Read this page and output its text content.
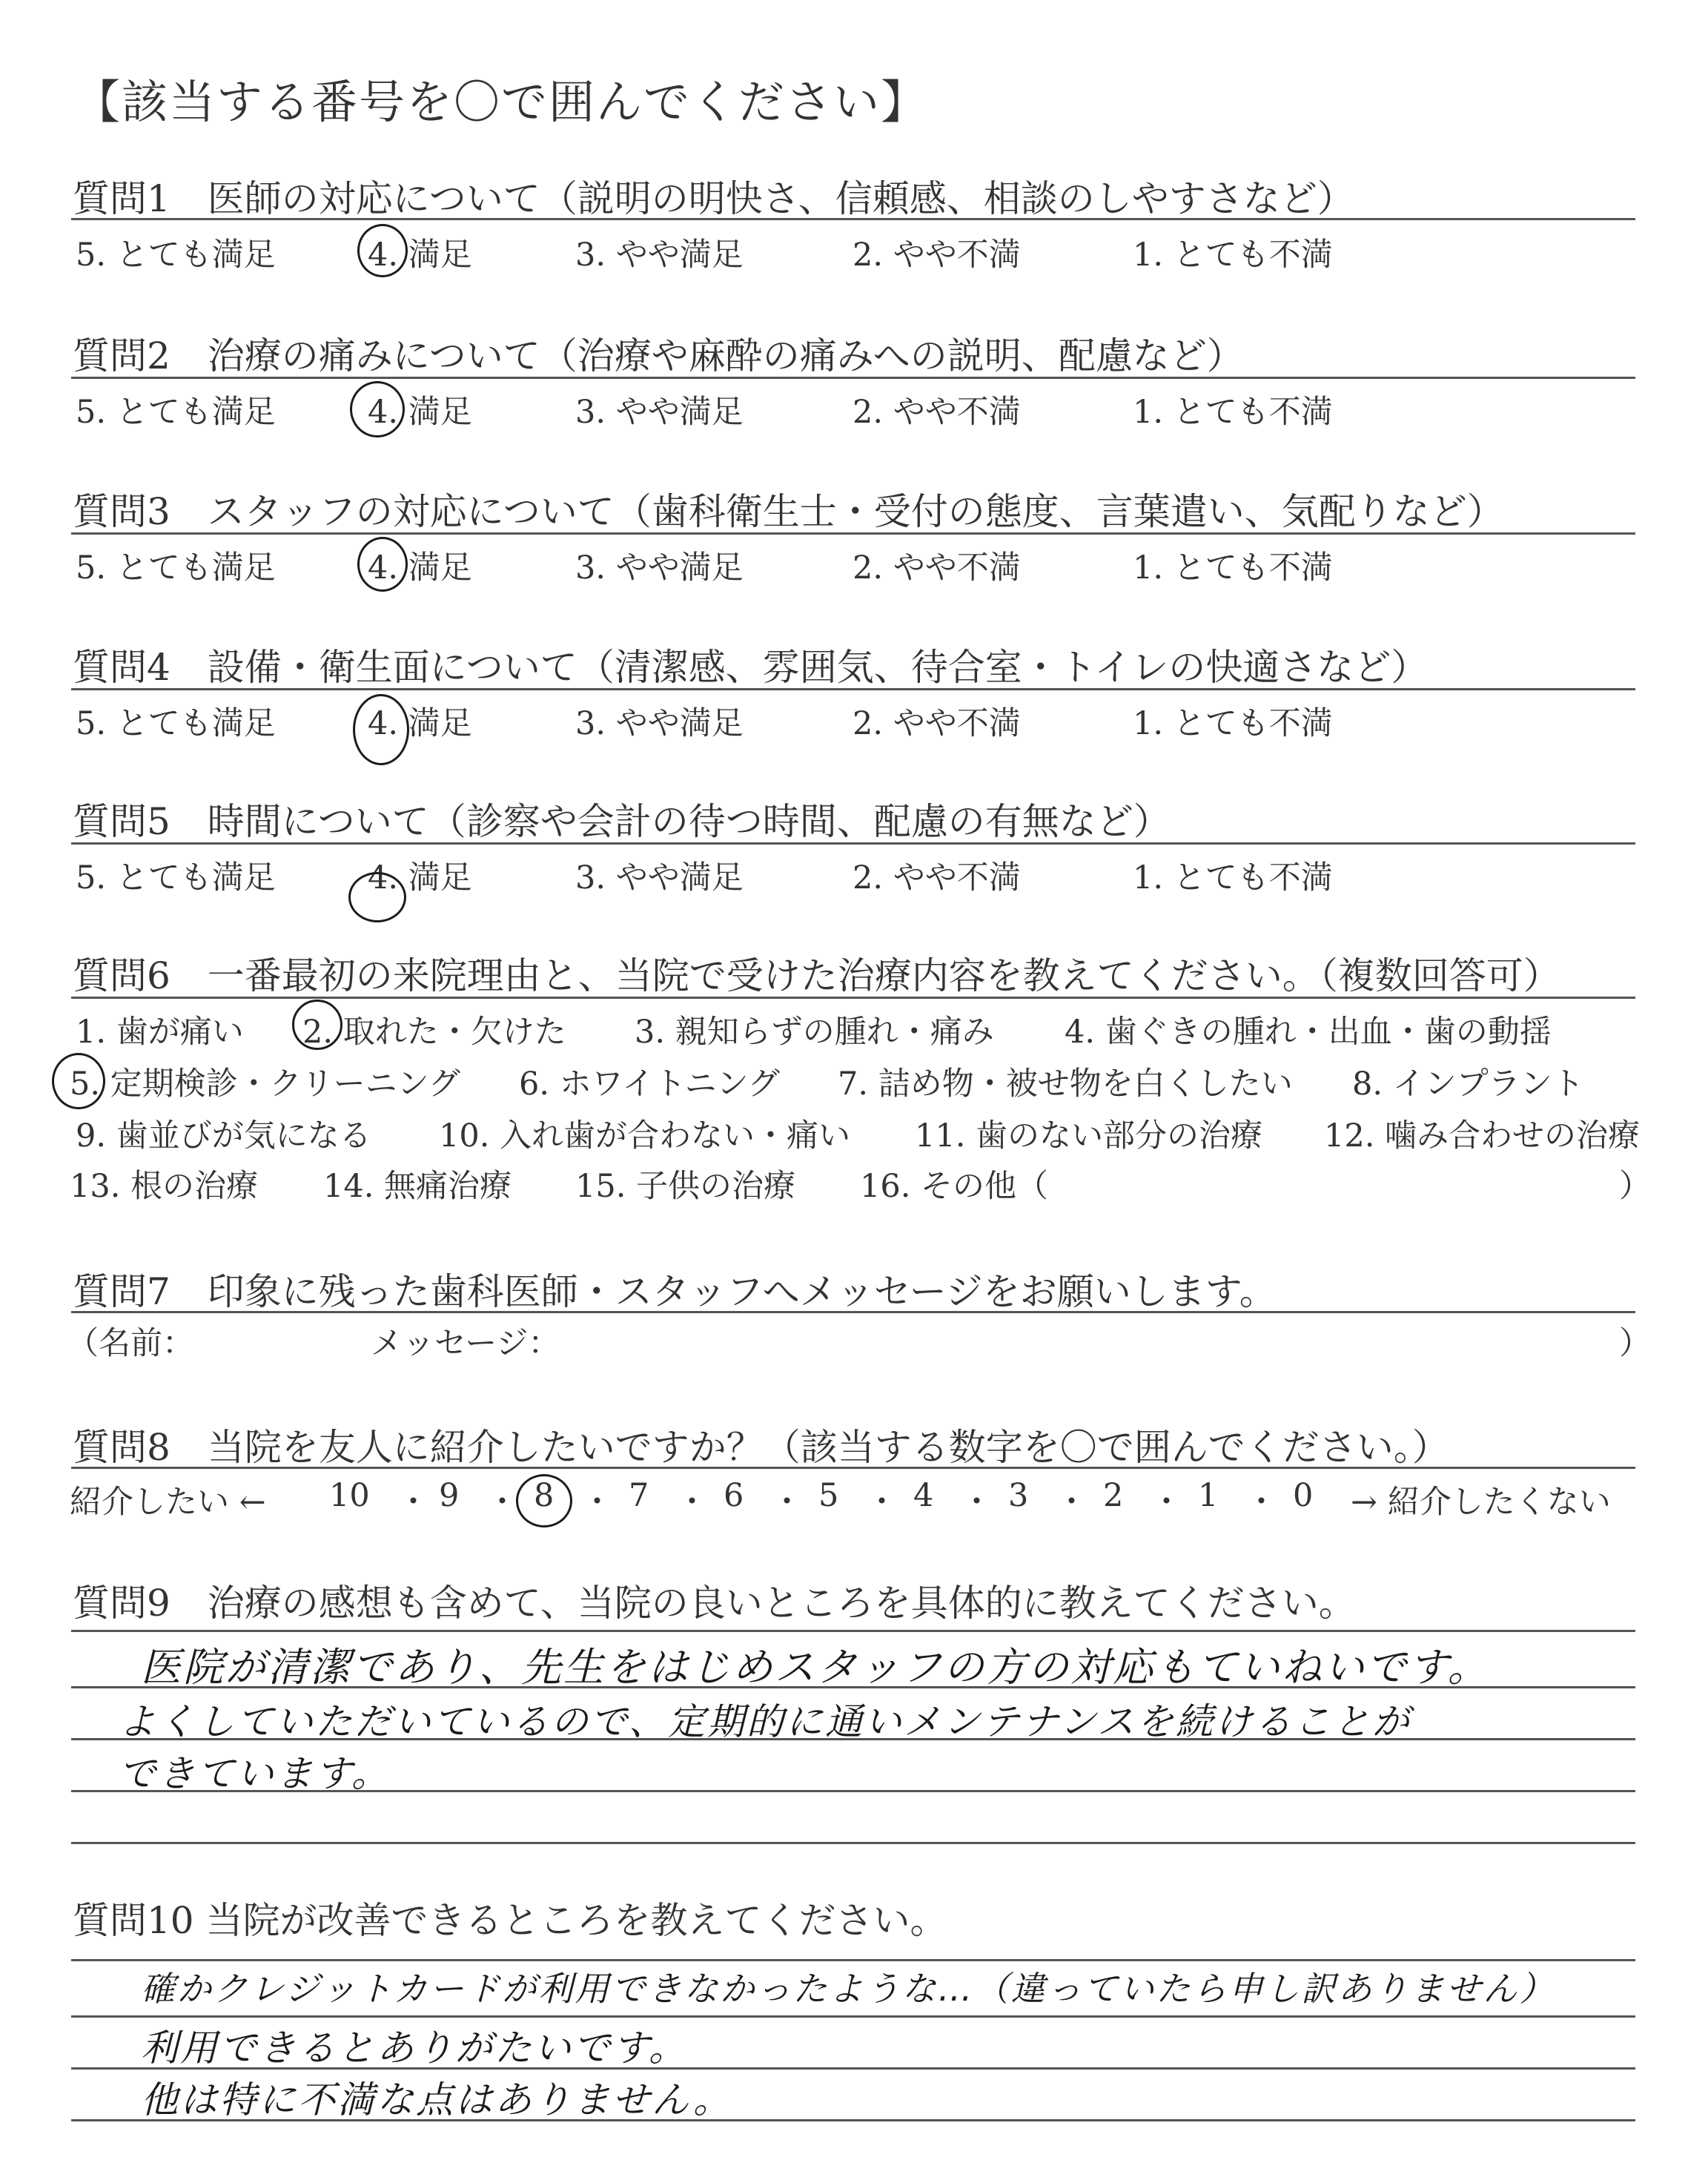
【該当する番号を〇で囲んでください】
質問1　医師の対応について（説明の明快さ、信頼感、相談のしやすさなど）
5. とても満足	4. 満足	3. やや満足	2. やや不満	1. とても不満
質問2　治療の痛みについて（治療や麻酔の痛みへの説明、配慮など）
5. とても満足	4. 満足	3. やや満足	2. やや不満	1. とても不満
質問3　スタッフの対応について（歯科衛生士・受付の態度、言葉遣い、気配りなど）
5. とても満足	4. 満足	3. やや満足	2. やや不満	1. とても不満
質問4　設備・衛生面について（清潔感、雰囲気、待合室・トイレの快適さなど）
5. とても満足	4. 満足	3. やや満足	2. やや不満	1. とても不満
質問5　時間について（診察や会計の待つ時間、配慮の有無など）
5. とても満足	4. 満足	3. やや満足	2. やや不満	1. とても不満
質問6　一番最初の来院理由と、当院で受けた治療内容を教えてください。（複数回答可）
1. 歯が痛い 2. 取れた・欠けた 3. 親知らずの腫れ・痛み 4. 歯ぐきの腫れ・出血・歯の動揺
5. 定期検診・クリーニング 6. ホワイトニング 7. 詰め物・被せ物を白くしたい 8. インプラント
9. 歯並びが気になる 10. 入れ歯が合わない・痛い 11. 歯のない部分の治療 12. 噛み合わせの治療
13. 根の治療 14. 無痛治療 15. 子供の治療 16. その他（	）
質問7　印象に残った歯科医師・スタッフへメッセージをお願いします。
（名前：	メッセージ：	）
質問8　当院を友人に紹介したいですか？（該当する数字を〇で囲んでください。）
紹介したい ← 10 ・ 9 ・ 8 ・ 7 ・ 6 ・ 5 ・ 4 ・ 3 ・ 2 ・ 1 ・ 0 → 紹介したくない
質問9　治療の感想も含めて、当院の良いところを具体的に教えてください。
医院が清潔であり、先生をはじめスタッフの方の対応もていねいです。
よくしていただいているので、定期的に通いメンテナンスを続けることが
できています。
質問10 当院が改善できるところを教えてください。
確かクレジットカードが利用できなかったような…（違っていたら申し訳ありません）
利用できるとありがたいです。
他は特に不満な点はありません。
